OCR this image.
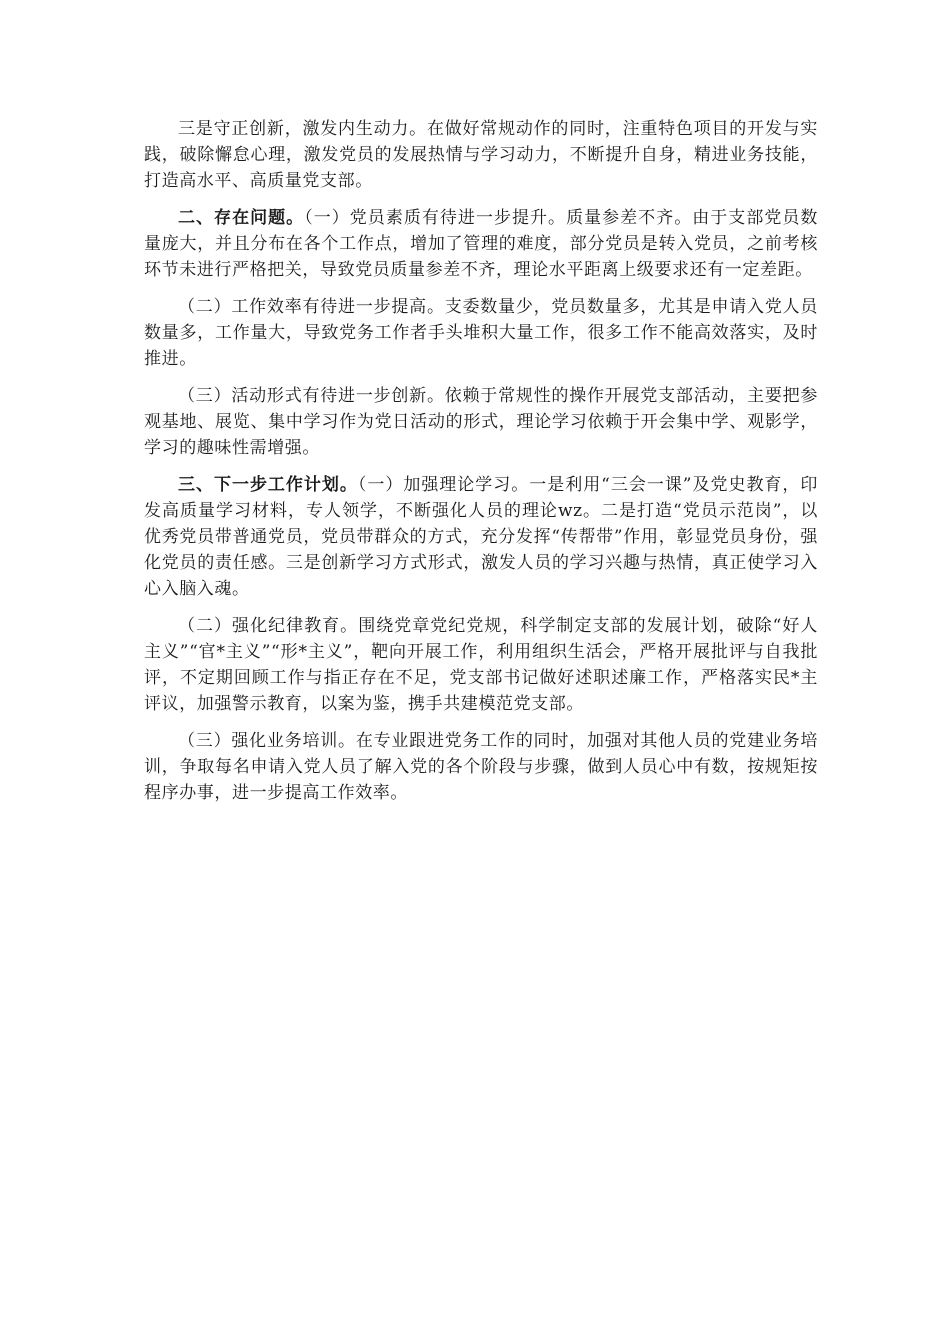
三是守正创新，激发内生动力。在做好常规动作的同时，注重特色项目的开发与实践，破除懈怠心理，激发党员的发展热情与学习动力，不断提升自身，精进业务技能，打造高水平、高质量党支部。

二、存在问题。（一）党员素质有待进一步提升。质量参差不齐。由于支部党员数量庞大，并且分布在各个工作点，增加了管理的难度，部分党员是转入党员，之前考核环节未进行严格把关，导致党员质量参差不齐，理论水平距离上级要求还有一定差距。

（二）工作效率有待进一步提高。支委数量少，党员数量多，尤其是申请入党人员数量多，工作量大，导致党务工作者手头堆积大量工作，很多工作不能高效落实，及时推进。

（三）活动形式有待进一步创新。依赖于常规性的操作开展党支部活动，主要把参观基地、展览、集中学习作为党日活动的形式，理论学习依赖于开会集中学、观影学，学习的趣味性需增强。

三、下一步工作计划。（一）加强理论学习。一是利用“三会一课”及党史教育，印发高质量学习材料，专人领学，不断强化人员的理论wz。二是打造“党员示范岗”，以优秀党员带普通党员，党员带群众的方式，充分发挥“传帮带”作用，彰显党员身份，强化党员的责任感。三是创新学习方式形式，激发人员的学习兴趣与热情，真正使学习入心入脑入魂。

（二）强化纪律教育。围绕党章党纪党规，科学制定支部的发展计划，破除“好人主义”“官*主义”“形*主义”，靶向开展工作，利用组织生活会，严格开展批评与自我批评，不定期回顾工作与指正存在不足，党支部书记做好述职述廉工作，严格落实民*主评议，加强警示教育，以案为鉴，携手共建模范党支部。

（三）强化业务培训。在专业跟进党务工作的同时，加强对其他人员的党建业务培训，争取每名申请入党人员了解入党的各个阶段与步骤，做到人员心中有数，按规矩按程序办事，进一步提高工作效率。
